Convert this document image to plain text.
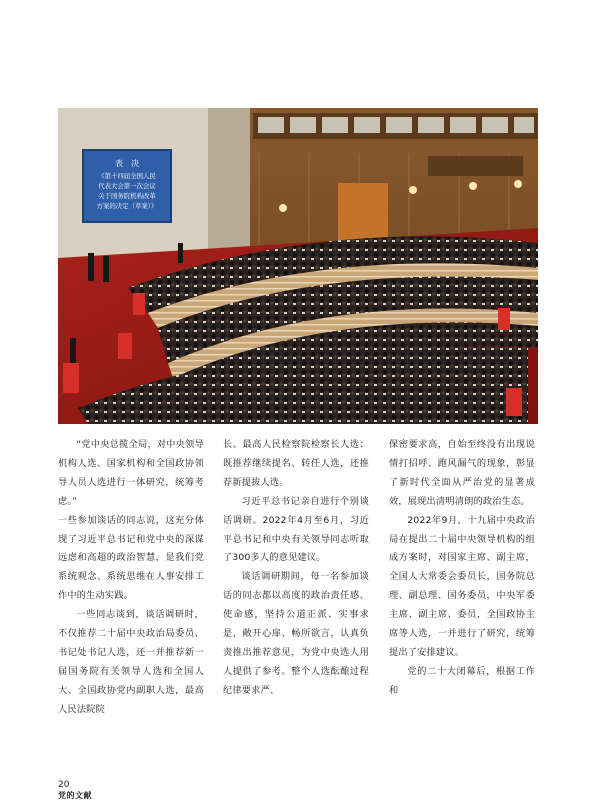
表　决
《第十四届全国人民
代表大会第一次会议
关于国务院机构改革
方案的决定（草案）》

“党中央总揽全局，对中央领导机构人选、国家机构和全国政协领导人员人选进行一体研究，统筹考虑。”

一些参加谈话的同志说，这充分体现了习近平总书记和党中央的深谋远虑和高超的政治智慧，是我们党系统观念、系统思维在人事安排工作中的生动实践。

一些同志谈到，谈话调研时，不仅推荐二十届中央政治局委员、书记处书记人选，还一并推荐新一届国务院有关领导人选和全国人大、全国政协党内副职人选，最高人民法院院

长、最高人民检察院检察长人选；既推荐继续提名、转任人选，还推荐新提拔人选。

习近平总书记亲自进行个别谈话调研。2022年4月至6月，习近平总书记和中央有关领导同志听取了300多人的意见建议。

谈话调研期间，每一名参加谈话的同志都以高度的政治责任感、使命感，坚持公道正派、实事求是，敞开心扉、畅所欲言，认真负责推出推荐意见，为党中央选人用人提供了参考。整个人选酝酿过程纪律要求严、

保密要求高，自始至终没有出现说情打招呼、跑风漏气的现象，彰显了新时代全面从严治党的显著成效，展现出清明清朗的政治生态。

2022年9月，十九届中央政治局在提出二十届中央领导机构的组成方案时，对国家主席、副主席，全国人大常委会委员长，国务院总理、副总理、国务委员，中央军委主席、副主席、委员，全国政协主席等人选，一并进行了研究，统筹提出了安排建议。

党的二十大闭幕后，根据工作和

20
党的文献
